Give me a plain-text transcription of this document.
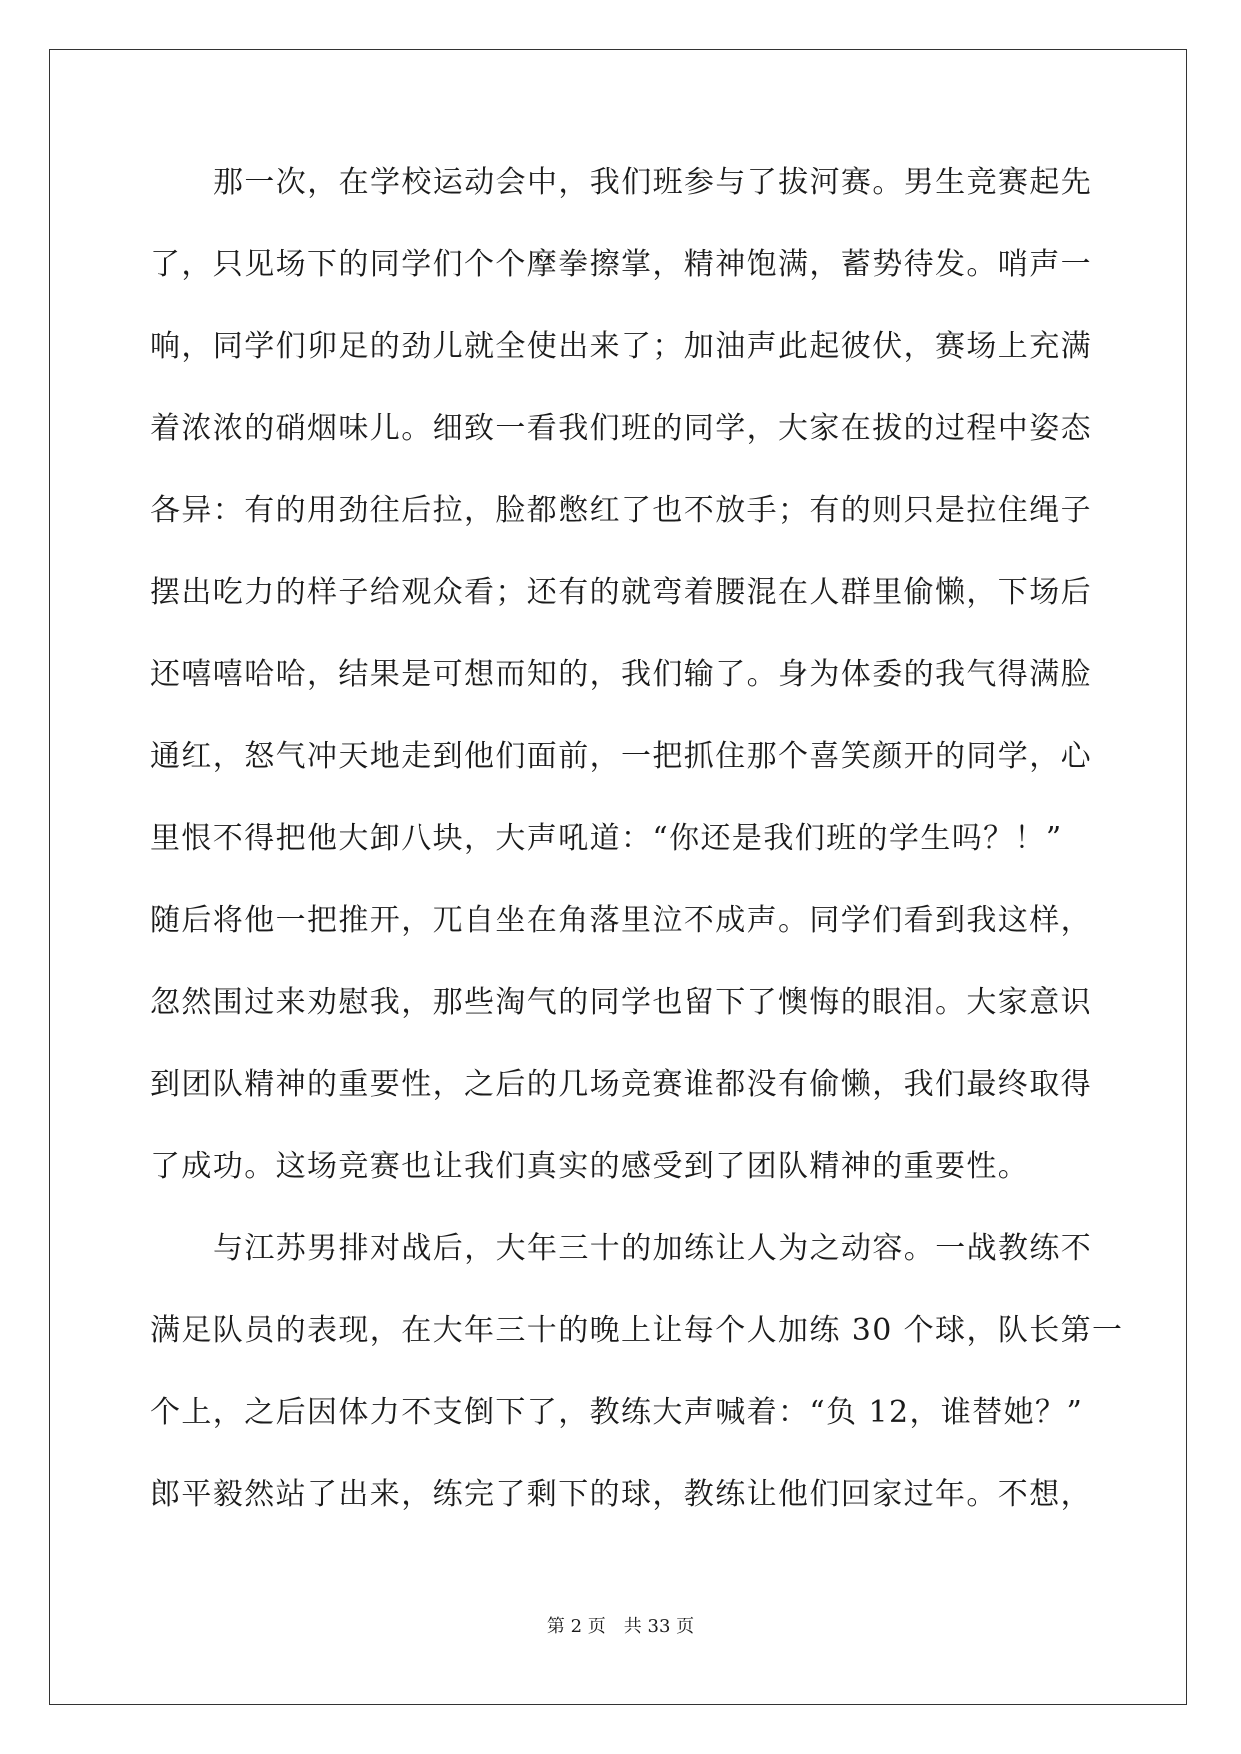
那一次，在学校运动会中，我们班参与了拔河赛。男生竞赛起先
了，只见场下的同学们个个摩拳擦掌，精神饱满，蓄势待发。哨声一
响，同学们卯足的劲儿就全使出来了；加油声此起彼伏，赛场上充满
着浓浓的硝烟味儿。细致一看我们班的同学，大家在拔的过程中姿态
各异：有的用劲往后拉，脸都憋红了也不放手；有的则只是拉住绳子
摆出吃力的样子给观众看；还有的就弯着腰混在人群里偷懒，下场后
还嘻嘻哈哈，结果是可想而知的，我们输了。身为体委的我气得满脸
通红，怒气冲天地走到他们面前，一把抓住那个喜笑颜开的同学，心
里恨不得把他大卸八块，大声吼道：“你还是我们班的学生吗？！”
随后将他一把推开，兀自坐在角落里泣不成声。同学们看到我这样，
忽然围过来劝慰我，那些淘气的同学也留下了懊悔的眼泪。大家意识
到团队精神的重要性，之后的几场竞赛谁都没有偷懒，我们最终取得
了成功。这场竞赛也让我们真实的感受到了团队精神的重要性。
与江苏男排对战后，大年三十的加练让人为之动容。一战教练不
满足队员的表现，在大年三十的晚上让每个人加练 30 个球，队长第一
个上，之后因体力不支倒下了，教练大声喊着：“负 12，谁替她？”
郎平毅然站了出来，练完了剩下的球，教练让他们回家过年。不想，
第 2 页 共 33 页
